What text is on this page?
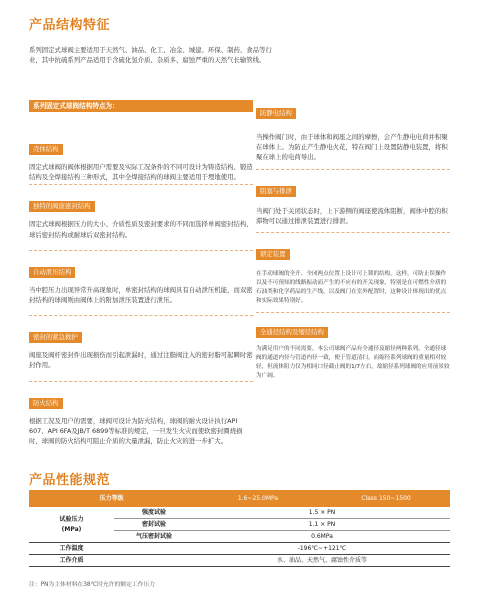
产品结构特征
系列固定式球阀主要适用于天然气、油品、化工、冶金、城建、环保、制药、食品等行业，其中抗硫系列产品适用于含硫化氢介质、杂质多、腐蚀严重的天然气长输管线。
系列固定式球阀结构特点为：
壳体结构
固定式球阀的阀体根据用户需要及实际工况条件的不同可设计为铸造结构、锻造结构及全焊接结构三种形式，其中全焊接结构的球阀主要适用于埋地使用。
独特的阀座密封结构
固定式球阀根据压力的大小、介质性质及密封要求的不同而选择单阀密封结构、球后密封结构或耐球后双密封结构。
自动泄压结构
当中腔压力出现异常升高现象时，单密封结构的球阀具有自动泄压机能，而双密封结构的球阀则由阀体上的附加泄压装置进行泄压。
密封的紧急救护
阀座及阀杆密封件出现损伤而引起泄漏时，通过注脂阀注入的密封脂可起瞬时密封作用。
防火结构
根据工况及用户的需要，球阀可设计为防火结构，球阀的耐火设计执行API 607、API 6FA及JB/T 6899等标准的规定，一旦发生火灾而使软密封圈烧损时，球阀的防火结构可阻止介质的大量泄漏，防止火灾的进一步扩大。
防静电结构
当操作阀门时，由于球体和阀座之间的摩擦，会产生静电电荷并积聚在球体上。为防止产生静电火花，特在阀门上设置防静电装置，将积聚在球上的电荷导出。
阻塞与排泄
当阀门处于关闭状态时，上下游侧的阀座使流体阻断，阀体中腔的积滞物可以通过排泄装置进行排泄。
锁定装置
在手动球阀的全开、全闭两点位置上设计可上锁的结构。这样，可防止误操作以及不可预知的线路振动而产生的不应有的开关现象，特别是在可燃性介质的石油类和化学药品的生产线，以及阀门在室外配置时，这种设计体现出的优点和实际效果特别好。
全通径结构及缩径结构
为满足用户的不同需要，本公司球阀产品有全通径及缩径两种系列。全通径球阀的通道内径与管道内径一致，便于管道清扫。而缩径系列球阀的重量相对较轻，但流体阻力仅为相同口径截止阀的1/7左右，故缩径系列球阀的应用前景较为广阔。
产品性能规范
压力等级		1.6~25.0MPa	Class 150~1500

试验压力
(MPa)	强度试验	1.5 × PN	
	密封试验	1.1 × PN	
	气压密封试验	0.6MPa	
工作温度		-196℃~+121℃	
工作介质		水、油品、天然气、腐蚀性介质等	
注：PN为主体材料在38℃时允许的额定工作压力
